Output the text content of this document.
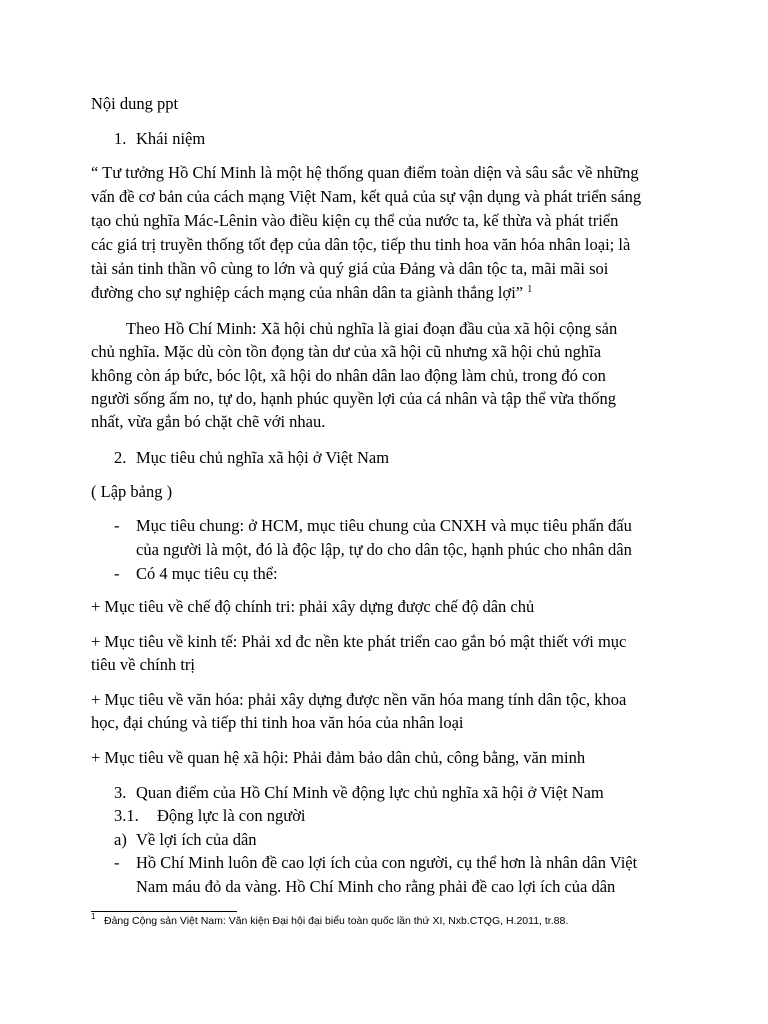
Nội dung ppt
1. Khái niệm
“ Tư tưởng Hồ Chí Minh là một hệ thống quan điểm toàn diện và sâu sắc về những
vấn đề cơ bản của cách mạng Việt Nam, kết quả của sự vận dụng và phát triển sáng
tạo chủ nghĩa Mác-Lênin vào điều kiện cụ thể của nước ta, kế thừa và phát triển
các giá trị truyền thống tốt đẹp của dân tộc, tiếp thu tinh hoa văn hóa nhân loại; là
tài sản tinh thần vô cùng to lớn và quý giá của Đảng và dân tộc ta, mãi mãi soi
đường cho sự nghiệp cách mạng của nhân dân ta giành thắng lợi” $^1$
Theo Hồ Chí Minh: Xã hội chủ nghĩa là giai đoạn đầu của xã hội cộng sản
chủ nghĩa. Mặc dù còn tồn đọng tàn dư của xã hội cũ nhưng xã hội chủ nghĩa
không còn áp bức, bóc lột, xã hội do nhân dân lao động làm chủ, trong đó con
người sống ấm no, tự do, hạnh phúc quyền lợi của cá nhân và tập thể vừa thống
nhất, vừa gắn bó chặt chẽ với nhau.
2. Mục tiêu chủ nghĩa xã hội ở Việt Nam
( Lập bảng )
- Mục tiêu chung: ở HCM, mục tiêu chung của CNXH và mục tiêu phấn đấu
của người là một, đó là độc lập, tự do cho dân tộc, hạnh phúc cho nhân dân
- Có 4 mục tiêu cụ thể:
+ Mục tiêu về chế độ chính tri: phải xây dựng được chế độ dân chủ
+ Mục tiêu về kinh tế: Phải xd đc nền kte phát triển cao gắn bó mật thiết với mục
tiêu về chính trị
+ Mục tiêu về văn hóa: phải xây dựng được nền văn hóa mang tính dân tộc, khoa
học, đại chúng và tiếp thi tinh hoa văn hóa của nhân loại
+ Mục tiêu về quan hệ xã hội: Phải đảm bảo dân chủ, công bằng, văn minh
3. Quan điểm của Hồ Chí Minh về động lực chủ nghĩa xã hội ở Việt Nam
3.1. Động lực là con người
a) Về lợi ích của dân
- Hồ Chí Minh luôn đề cao lợi ích của con người, cụ thể hơn là nhân dân Việt
Nam máu đỏ da vàng. Hồ Chí Minh cho rằng phải đề cao lợi ích của dân
1 Đảng Cộng sản Việt Nam: Văn kiện Đại hội đại biểu toàn quốc lần thứ XI, Nxb.CTQG, H.2011, tr.88.
